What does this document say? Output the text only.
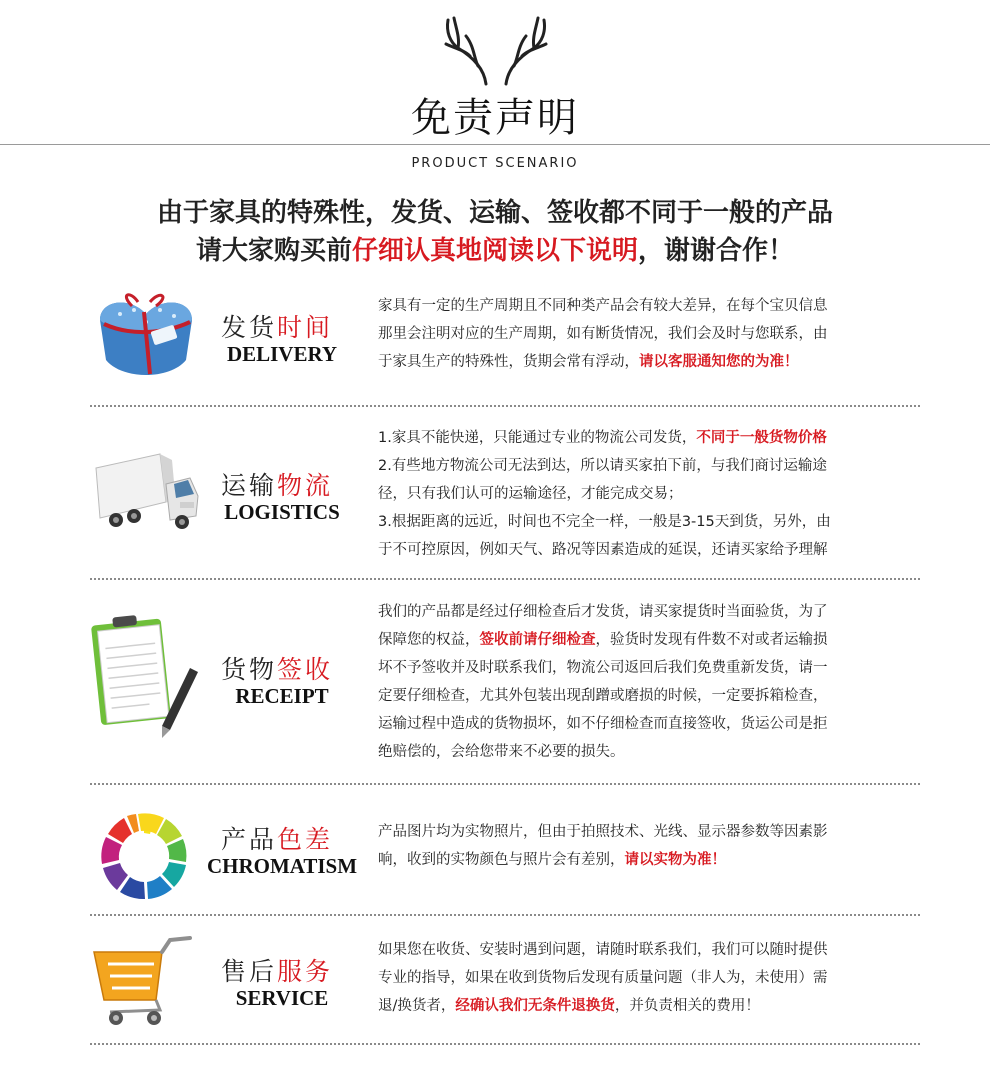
免责声明
PRODUCT SCENARIO
由于家具的特殊性，发货、运输、签收都不同于一般的产品
请大家购买前仔细认真地阅读以下说明，谢谢合作！
发货时间
DELIVERY
家具有一定的生产周期且不同种类产品会有较大差异，在每个宝贝信息
那里会注明对应的生产周期，如有断货情况，我们会及时与您联系，由
于家具生产的特殊性，货期会常有浮动，请以客服通知您的为准！
运输物流
LOGISTICS
1.家具不能快递，只能通过专业的物流公司发货，不同于一般货物价格
2.有些地方物流公司无法到达，所以请买家拍下前，与我们商讨运输途
径，只有我们认可的运输途径，才能完成交易；
3.根据距离的远近，时间也不完全一样，一般是3-15天到货，另外，由
于不可控原因，例如天气、路况等因素造成的延误，还请买家给予理解
货物签收
RECEIPT
我们的产品都是经过仔细检查后才发货，请买家提货时当面验货，为了
保障您的权益，签收前请仔细检查，验货时发现有件数不对或者运输损
坏不予签收并及时联系我们，物流公司返回后我们免费重新发货，请一
定要仔细检查，尤其外包装出现刮蹭或磨损的时候，一定要拆箱检查，
运输过程中造成的货物损坏，如不仔细检查而直接签收，货运公司是拒
绝赔偿的，会给您带来不必要的损失。
产品色差
CHROMATISM
产品图片均为实物照片，但由于拍照技术、光线、显示器参数等因素影
响，收到的实物颜色与照片会有差别，请以实物为准！
售后服务
SERVICE
如果您在收货、安装时遇到问题，请随时联系我们，我们可以随时提供
专业的指导，如果在收到货物后发现有质量问题（非人为，未使用）需
退/换货者，经确认我们无条件退换货，并负责相关的费用！
